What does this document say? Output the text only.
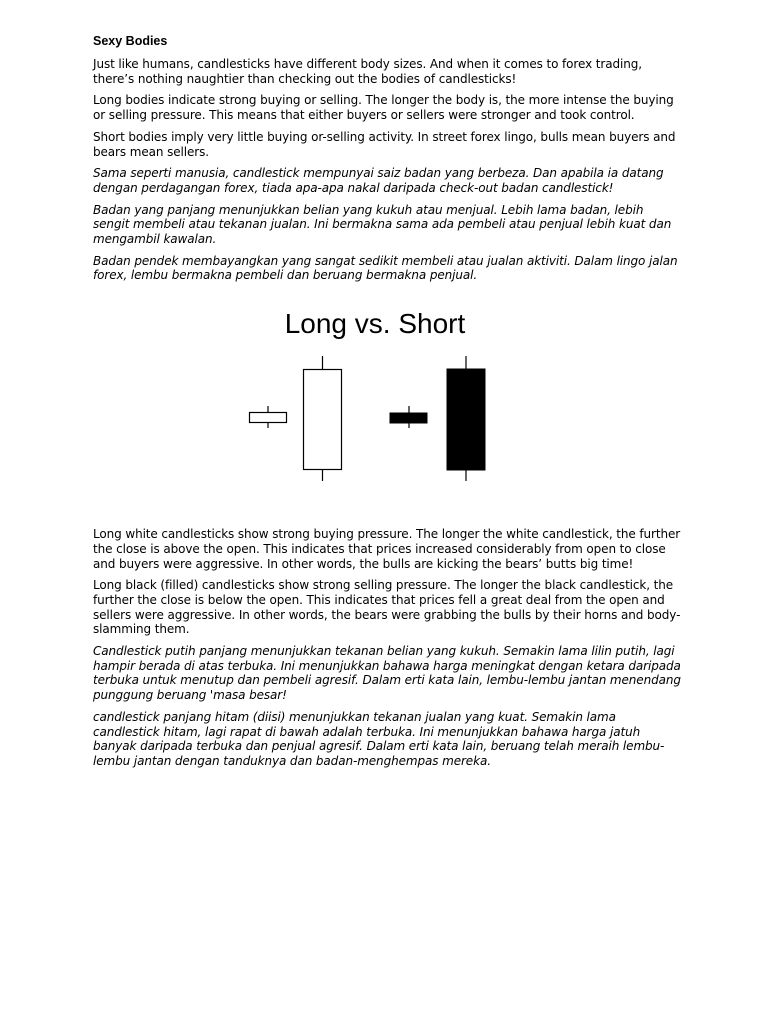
Sexy Bodies

Just like humans, candlesticks have different body sizes. And when it comes to forex trading, there’s nothing naughtier than checking out the bodies of candlesticks!

Long bodies indicate strong buying or selling. The longer the body is, the more intense the buying or selling pressure. This means that either buyers or sellers were stronger and took control.

Short bodies imply very little buying or-selling activity. In street forex lingo, bulls mean buyers and bears mean sellers.

Sama seperti manusia, candlestick mempunyai saiz badan yang berbeza. Dan apabila ia datang dengan perdagangan forex, tiada apa-apa nakal daripada check-out badan candlestick!

Badan yang panjang menunjukkan belian yang kukuh atau menjual. Lebih lama badan, lebih sengit membeli atau tekanan jualan. Ini bermakna sama ada pembeli atau penjual lebih kuat dan mengambil kawalan.

Badan pendek membayangkan yang sangat sedikit membeli atau jualan aktiviti. Dalam lingo jalan forex, lembu bermakna pembeli dan beruang bermakna penjual.

Long vs. Short

Long white candlesticks show strong buying pressure. The longer the white candlestick, the further the close is above the open. This indicates that prices increased considerably from open to close and buyers were aggressive. In other words, the bulls are kicking the bears’ butts big time!

Long black (filled) candlesticks show strong selling pressure. The longer the black candlestick, the further the close is below the open. This indicates that prices fell a great deal from the open and sellers were aggressive. In other words, the bears were grabbing the bulls by their horns and body-slamming them.

Candlestick putih panjang menunjukkan tekanan belian yang kukuh. Semakin lama lilin putih, lagi hampir berada di atas terbuka. Ini menunjukkan bahawa harga meningkat dengan ketara daripada terbuka untuk menutup dan pembeli agresif. Dalam erti kata lain, lembu-lembu jantan menendang punggung beruang 'masa besar!

candlestick panjang hitam (diisi) menunjukkan tekanan jualan yang kuat. Semakin lama candlestick hitam, lagi rapat di bawah adalah terbuka. Ini menunjukkan bahawa harga jatuh banyak daripada terbuka dan penjual agresif. Dalam erti kata lain, beruang telah meraih lembu-lembu jantan dengan tanduknya dan badan-menghempas mereka.
